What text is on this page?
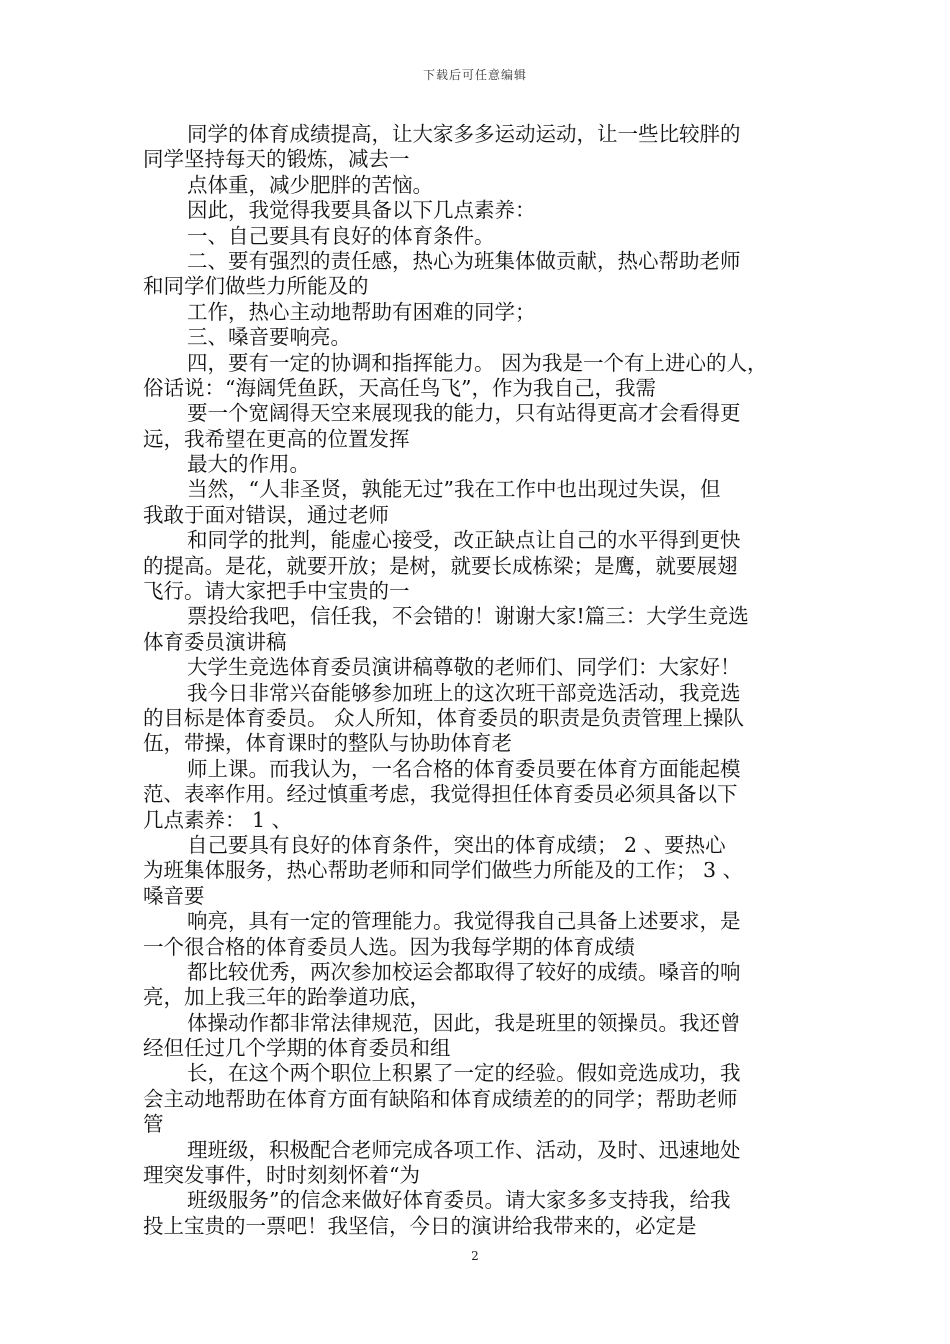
下载后可任意编辑
同学的体育成绩提高，让大家多多运动运动，让一些比较胖的
同学坚持每天的锻炼，减去一
点体重，减少肥胖的苦恼。
因此，我觉得我要具备以下几点素养：
一、自己要具有良好的体育条件。
二、要有强烈的责任感，热心为班集体做贡献，热心帮助老师
和同学们做些力所能及的
工作，热心主动地帮助有困难的同学；
三、嗓音要响亮。
四，要有一定的协调和指挥能力。 因为我是一个有上进心的人，
俗话说：“海阔凭鱼跃，天高任鸟飞”，作为我自己，我需
要一个宽阔得天空来展现我的能力，只有站得更高才会看得更
远，我希望在更高的位置发挥
最大的作用。
当然，“人非圣贤，孰能无过”我在工作中也出现过失误，但
我敢于面对错误，通过老师
和同学的批判，能虚心接受，改正缺点让自己的水平得到更快
的提高。是花，就要开放；是树，就要长成栋梁；是鹰，就要展翅
飞行。请大家把手中宝贵的一
票投给我吧，信任我，不会错的！谢谢大家!篇三：大学生竞选
体育委员演讲稿
大学生竞选体育委员演讲稿尊敬的老师们、同学们：大家好！
我今日非常兴奋能够参加班上的这次班干部竞选活动，我竞选
的目标是体育委员。 众人所知，体育委员的职责是负责管理上操队
伍，带操，体育课时的整队与协助体育老
师上课。而我认为，一名合格的体育委员要在体育方面能起模
范、表率作用。经过慎重考虑，我觉得担任体育委员必须具备以下
几点素养： 1 、
自己要具有良好的体育条件，突出的体育成绩； 2 、要热心
为班集体服务，热心帮助老师和同学们做些力所能及的工作； 3 、
嗓音要
响亮，具有一定的管理能力。我觉得我自己具备上述要求，是
一个很合格的体育委员人选。因为我每学期的体育成绩
都比较优秀，两次参加校运会都取得了较好的成绩。嗓音的响
亮，加上我三年的跆拳道功底，
体操动作都非常法律规范，因此，我是班里的领操员。我还曾
经但任过几个学期的体育委员和组
长，在这个两个职位上积累了一定的经验。假如竞选成功，我
会主动地帮助在体育方面有缺陷和体育成绩差的的同学；帮助老师
管
理班级，积极配合老师完成各项工作、活动，及时、迅速地处
理突发事件，时时刻刻怀着“为
班级服务”的信念来做好体育委员。请大家多多支持我，给我
投上宝贵的一票吧！我坚信，今日的演讲给我带来的，必定是
2
